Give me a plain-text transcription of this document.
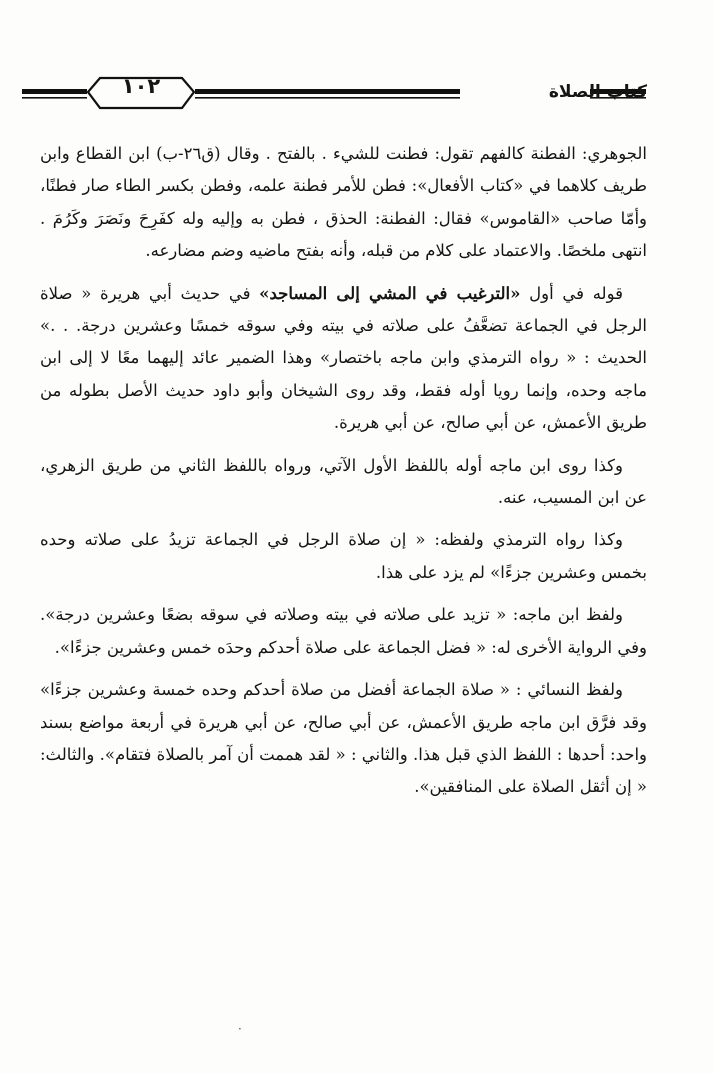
١٠٢	كتاب الصلاة

الجوهري: الفطنة كالفهم تقول: فطنت للشيء . بالفتح . وقال (ق٢٦-ب) ابن القطاع وابن طريف كلاهما في «كتاب الأفعال»: فطن للأمر فطنة علمه، وفطن بكسر الطاء صار فطنًا، وأمّا صاحب «القاموس» فقال: الفطنة: الحذق ، فطن به وإليه وله كفَرِحَ ونَصَرَ وكَرُمَ . انتهى ملخصًا. والاعتماد على كلام من قبله، وأنه بفتح ماضيه وضم مضارعه.

قوله في أول «الترغيب في المشي إلى المساجد» في حديث أبي هريرة « صلاة الرجل في الجماعة تضعَّفُ على صلاته في بيته وفي سوقه خمسًا وعشرين درجة. . .» الحديث : « رواه الترمذي وابن ماجه باختصار» وهذا الضمير عائد إليهما معًا لا إلى ابن ماجه وحده، وإنما رويا أوله فقط، وقد روى الشيخان وأبو داود حديث الأصل بطوله من طريق الأعمش، عن أبي صالح، عن أبي هريرة.

وكذا روى ابن ماجه أوله باللفظ الأول الآتي، ورواه باللفظ الثاني من طريق الزهري، عن ابن المسيب، عنه.

وكذا رواه الترمذي ولفظه: « إن صلاة الرجل في الجماعة تزيدُ على صلاته وحده بخمس وعشرين جزءًا» لم يزد على هذا.

ولفظ ابن ماجه: « تزيد على صلاته في بيته وصلاته في سوقه بضعًا وعشرين درجة». وفي الرواية الأخرى له: « فضل الجماعة على صلاة أحدكم وحدَه خمس وعشرين جزءًا».

ولفظ النسائي : « صلاة الجماعة أفضل من صلاة أحدكم وحده خمسة وعشرين جزءًا» وقد فرَّق ابن ماجه طريق الأعمش، عن أبي صالح، عن أبي هريرة في أربعة مواضع بسند واحد: أحدها : اللفظ الذي قبل هذا. والثاني : « لقد هممت أن آمر بالصلاة فتقام». والثالث: « إن أثقل الصلاة على المنافقين».

·
